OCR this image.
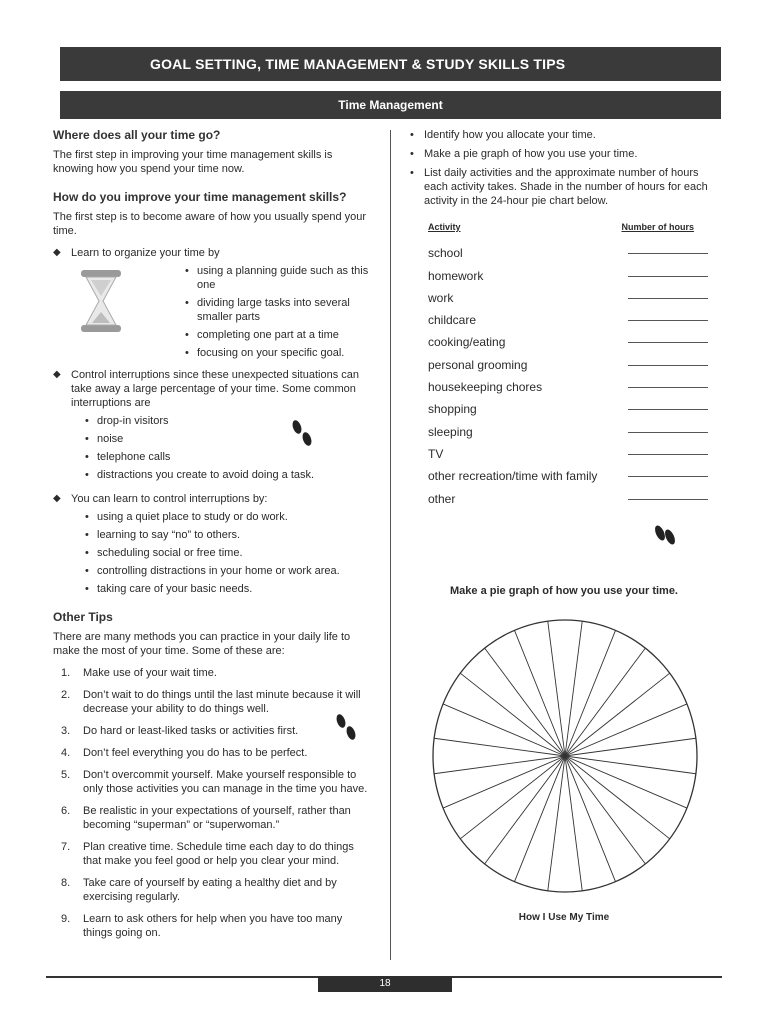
GOAL SETTING, TIME MANAGEMENT & STUDY SKILLS TIPS
Time Management
Where does all your time go?

The first step in improving your time management skills is knowing how you spend your time now.

How do you improve your time management skills?

The first step is to become aware of how you usually spend your time.

◆ Learn to organize your time by
• using a planning guide such as this one
• dividing large tasks into several smaller parts
• completing one part at a time
• focusing on your specific goal.
◆ Control interruptions since these unexpected situations can take away a large percentage of your time. Some common interruptions are
• drop-in visitors
• noise
• telephone calls
• distractions you create to avoid doing a task.
◆ You can learn to control interruptions by:
• using a quiet place to study or do work.
• learning to say “no” to others.
• scheduling social or free time.
• controlling distractions in your home or work area.
• taking care of your basic needs.
Other Tips

There are many methods you can practice in your daily life to make the most of your time. Some of these are:

1. Make use of your wait time.
2. Don’t wait to do things until the last minute because it will decrease your ability to do things well.
3. Do hard or least-liked tasks or activities first.
4. Don’t feel everything you do has to be perfect.
5. Don’t overcommit yourself. Make yourself responsible to only those activities you can manage in the time you have.
6. Be realistic in your expectations of yourself, rather than becoming “superman” or “superwoman.”
7. Plan creative time. Schedule time each day to do things that make you feel good or help you clear your mind.
8. Take care of yourself by eating a healthy diet and by exercising regularly.
9. Learn to ask others for help when you have too many things going on.
• Identify how you allocate your time.
• Make a pie graph of how you use your time.
• List daily activities and the approximate number of hours each activity takes. Shade in the number of hours for each activity in the 24-hour pie chart below.
Activity	Number of hours
school
homework
work
childcare
cooking/eating
personal grooming
housekeeping chores
shopping
sleeping
TV
other recreation/time with family
other
Make a pie graph of how you use your time.
How I Use My Time
18
